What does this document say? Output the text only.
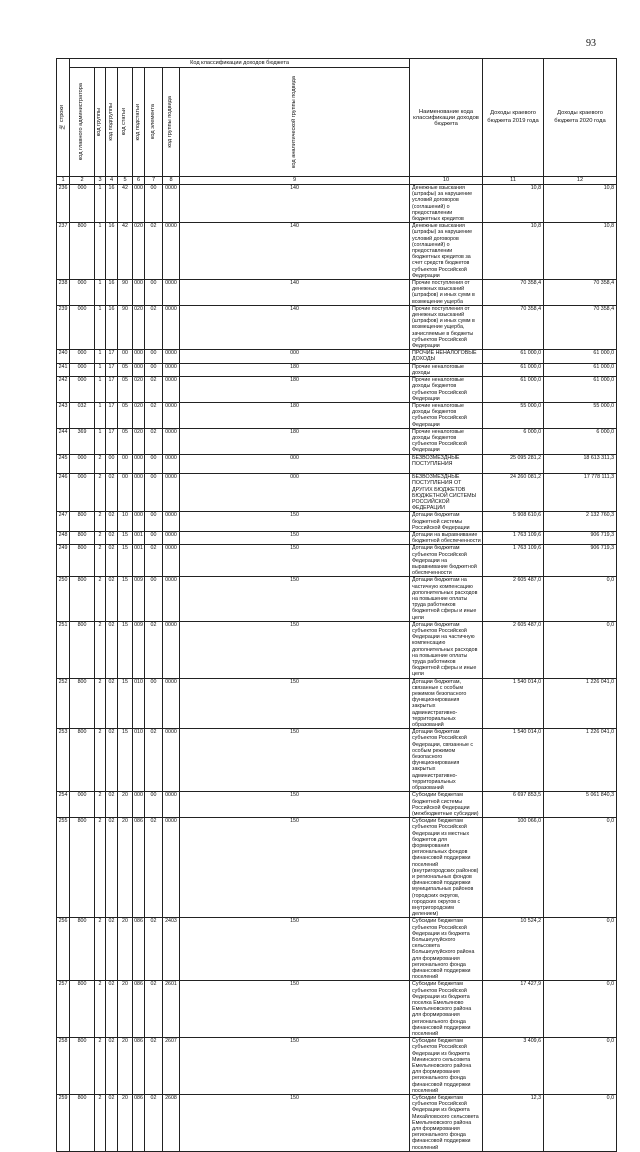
93
№ строки	Код классификации доходов бюджета								Наименование кода классификации доходов бюджета	Доходы краевого бюджета 2019 года	Доходы краевого бюджета 2020 года	

	код главного администратора	код группы	код подгруппы	код статьи	код подстатьи	код элемента	код группы подвида	код аналитической группы подвида				

1	2	3	4	5	6	7	8	9	10	11	12	
236	000	1	16	42	000	00	0000	140	Денежные взыскания (штрафы) за нарушение условий договоров (соглашений) о предоставлении бюджетных кредитов	10,8	10,8	
237	800	1	16	42	020	02	0000	140	Денежные взыскания (штрафы) за нарушение условий договоров (соглашений) о предоставлении бюджетных кредитов за счет средств бюджетов субъектов Российской Федерации	10,8	10,8	
238	000	1	16	90	000	00	0000	140	Прочие поступления от денежных взысканий (штрафов) и иных сумм в возмещение ущерба	70 358,4	70 358,4	
239	000	1	16	90	020	02	0000	140	Прочие поступления от денежных взысканий (штрафов) и иных сумм в возмещение ущерба, зачисляемые в бюджеты субъектов Российской Федерации	70 358,4	70 358,4	
240	000	1	17	00	000	00	0000	000	ПРОЧИЕ НЕНАЛОГОВЫЕ ДОХОДЫ	61 000,0	61 000,0	
241	000	1	17	05	000	00	0000	180	Прочие неналоговые доходы	61 000,0	61 000,0	
242	000	1	17	05	020	02	0000	180	Прочие неналоговые доходы бюджетов субъектов Российской Федерации	61 000,0	61 000,0	
243	032	1	17	05	020	02	0000	180	Прочие неналоговые доходы бюджетов субъектов Российской Федерации	55 000,0	55 000,0	
244	369	1	17	05	020	02	0000	180	Прочие неналоговые доходы бюджетов субъектов Российской Федерации	6 000,0	6 000,0	
245	000	2	00	00	000	00	0000	000	БЕЗВОЗМЕЗДНЫЕ ПОСТУПЛЕНИЯ	25 095 281,2	18 613 311,3	
246	000	2	02	00	000	00	0000	000	БЕЗВОЗМЕЗДНЫЕ ПОСТУПЛЕНИЯ ОТ ДРУГИХ БЮДЖЕТОВ БЮДЖЕТНОЙ СИСТЕМЫ РОССИЙСКОЙ ФЕДЕРАЦИИ	24 260 081,2	17 778 111,3	
247	800	2	02	10	000	00	0000	150	Дотации бюджетам бюджетной системы Российской Федерации	5 908 610,6	2 132 760,3	
248	800	2	02	15	001	00	0000	150	Дотации на выравнивание бюджетной обеспеченности	1 763 109,6	906 719,3	
249	800	2	02	15	001	02	0000	150	Дотации бюджетам субъектов Российской Федерации на выравнивание бюджетной обеспеченности	1 763 109,6	906 719,3	
250	800	2	02	15	009	00	0000	150	Дотации бюджетам на частичную компенсацию дополнительных расходов на повышение оплаты труда работников бюджетной сферы и иные цели	2 605 487,0	0,0	
251	800	2	02	15	009	02	0000	150	Дотации бюджетам субъектов Российской Федерации на частичную компенсацию дополнительных расходов на повышение оплаты труда работников бюджетной сферы и иные цели	2 605 487,0	0,0	
252	800	2	02	15	010	00	0000	150	Дотации бюджетам, связанные с особым режимом безопасного функционирования закрытых административно-территориальных образований	1 540 014,0	1 226 041,0	
253	800	2	02	15	010	02	0000	150	Дотации бюджетам субъектов Российской Федерации, связанные с особым режимом безопасного функционирования закрытых административно-территориальных образований	1 540 014,0	1 226 041,0	
254	000	2	02	20	000	00	0000	150	Субсидии бюджетам бюджетной системы Российской Федерации (межбюджетные субсидии)	6 697 853,5	5 061 840,3	
255	800	2	02	20	086	02	0000	150	Субсидии бюджетам субъектов Российской Федерации из местных бюджетов для формирования региональных фондов финансовой поддержки поселений (внутригородских районов) и региональных фондов финансовой поддержки муниципальных районов (городских округов, городских округов с внутригородским делением)	100 066,0	0,0	
256	800	2	02	20	086	02	2403	150	Субсидии бюджетам субъектов Российской Федерации из бюджета Большеулуйского сельсовета Большеулуйского района для формирования регионального фонда финансовой поддержки поселений	10 524,2	0,0	
257	800	2	02	20	086	02	2601	150	Субсидии бюджетам субъектов Российской Федерации из бюджета поселка Емельяново Емельяновского района для формирования регионального фонда финансовой поддержки поселений	17 427,9	0,0	
258	800	2	02	20	086	02	2607	150	Субсидии бюджетам субъектов Российской Федерации из бюджета Мининского сельсовета Емельяновского района для формирования регионального фонда финансовой поддержки поселений	3 409,6	0,0	
259	800	2	02	20	086	02	2608	150	Субсидии бюджетам субъектов Российской Федерации из бюджета Михайловского сельсовета Емельяновского района для формирования регионального фонда финансовой поддержки поселений	12,3	0,0	
